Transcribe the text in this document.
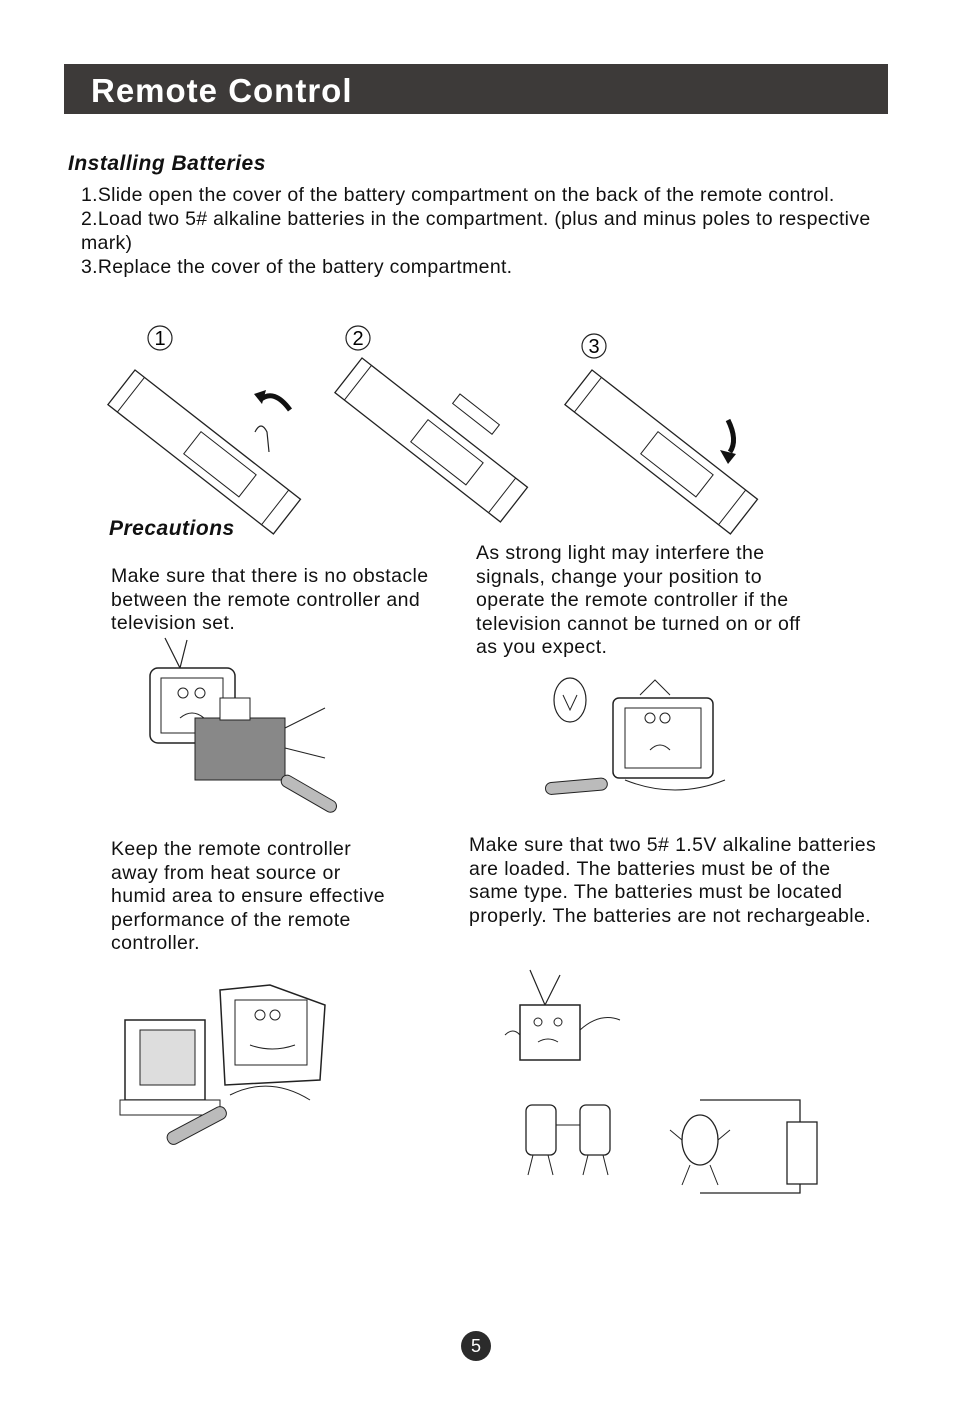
Remote Control
Installing Batteries
1.Slide open the cover of the battery compartment on the back of the remote control.
2.Load two 5# alkaline batteries in the compartment. (plus and minus poles to respective mark)
3.Replace the cover of the battery compartment.
1	2	3
Precautions
Make sure that there is no obstacle between the remote controller and television set.
As strong light may interfere the signals, change your position to operate the remote controller if the television cannot be turned on or off as you expect.
Keep the remote controller away from heat source or humid area to ensure effective performance of the remote controller.
Make sure that two 5# 1.5V alkaline batteries are loaded. The batteries must be of the same type. The batteries must be located properly. The batteries are not rechargeable.
5
